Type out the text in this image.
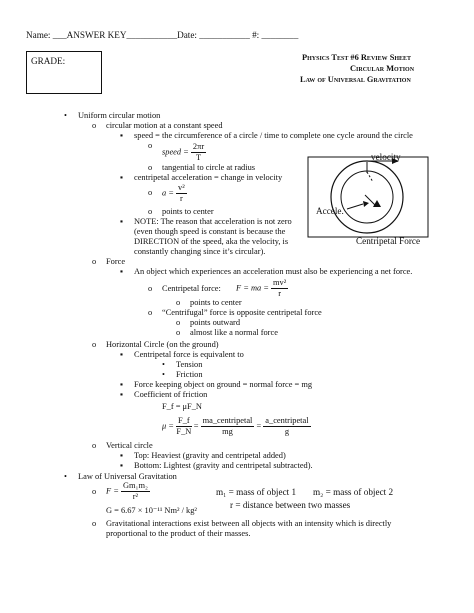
Name: ___ANSWER KEY___________Date: ___________ #: ________
GRADE:	Physics Test #6 Review Sheet
Circular Motion
Law of Universal Gravitation
• Uniform circular motion
o circular motion at a constant speed
▪ speed = the circumference of a circle / time to complete one cycle around the circle
o
speed = $\frac{2\pi r}{T}$
o tangential to circle at radius
▪ centripetal acceleration = change in velocity
o $a = \frac{\text{v²}}{r}$
o points to center
▪ NOTE: The reason that acceleration is not zero
(even though speed is constant is because the
DIRECTION of the speed, aka the velocity, is
constantly changing since it’s circular).
velocity
Accele.
Centripetal Force
o Force
▪ An object which experiences an acceleration must also be experiencing a net force.
o Centripetal force: F = ma = $\frac{\text{mv²}}{r}$
o points to center
o “Centrifugal” force is opposite centripetal force
o points outward
o almost like a normal force
o Horizontal Circle (on the ground)
▪ Centripetal force is equivalent to
• Tension
• Friction
▪ Force keeping object on ground = normal force = mg
▪ Coefficient of friction
F_f = μF_N
$\mu = \frac{F\_f}{F\_N} = \frac{\text{ma\_centripetal}}{mg} = \frac{\text{a\_centripetal}}{g}$
o Vertical circle
▪ Top: Heaviest (gravity and centripetal added)
▪ Bottom: Lightest (gravity and centripetal subtracted).
• Law of Universal Gravitation
o $F = \frac{\text{Gm₁m₂}}{\text{r²}}$
G = 6.67 × 10⁻¹¹ Nm² / kg²
m₁ = mass of object 1 m₂ = mass of object 2
r = distance between two masses
o Gravitational interactions exist between all objects with an intensity which is directly
proportional to the product of their masses.
